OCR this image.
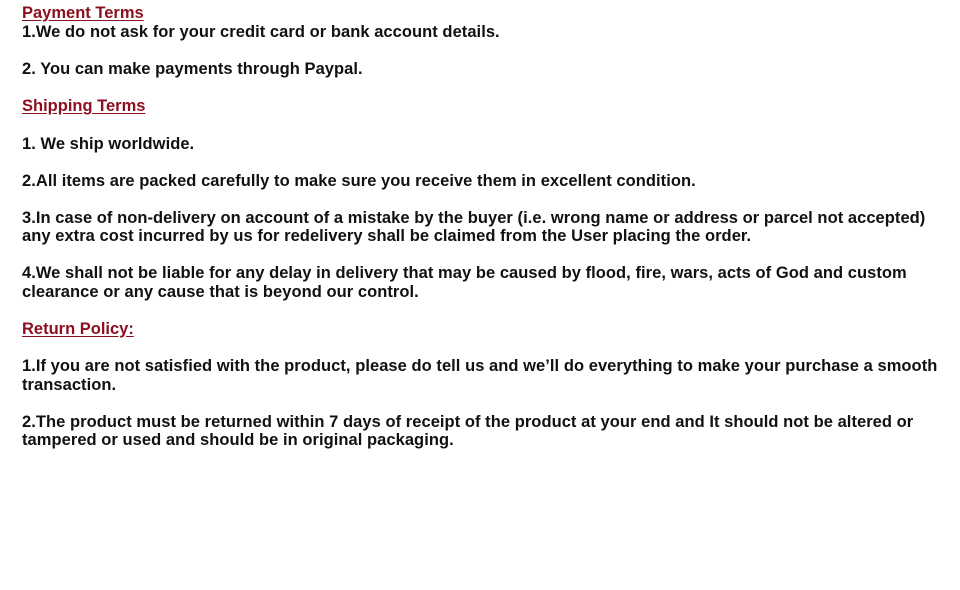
Payment Terms

1.We do not ask for your credit card or bank account details.

2. You can make payments through Paypal.

Shipping Terms

1. We ship worldwide.

2.All items are packed carefully to make sure you receive them in excellent condition.

3.In case of non-delivery on account of a mistake by the buyer (i.e. wrong name or address or parcel not accepted) any extra cost incurred by us for redelivery shall be claimed from the User placing the order.

4.We shall not be liable for any delay in delivery that may be caused by flood, fire, wars, acts of God and custom clearance or any cause that is beyond our control.

Return Policy:

1.If you are not satisfied with the product, please do tell us and we’ll do everything to make your purchase a smooth transaction.

2.The product must be returned within 7 days of receipt of the product at your end and It should not be altered or tampered or used and should be in original packaging.
